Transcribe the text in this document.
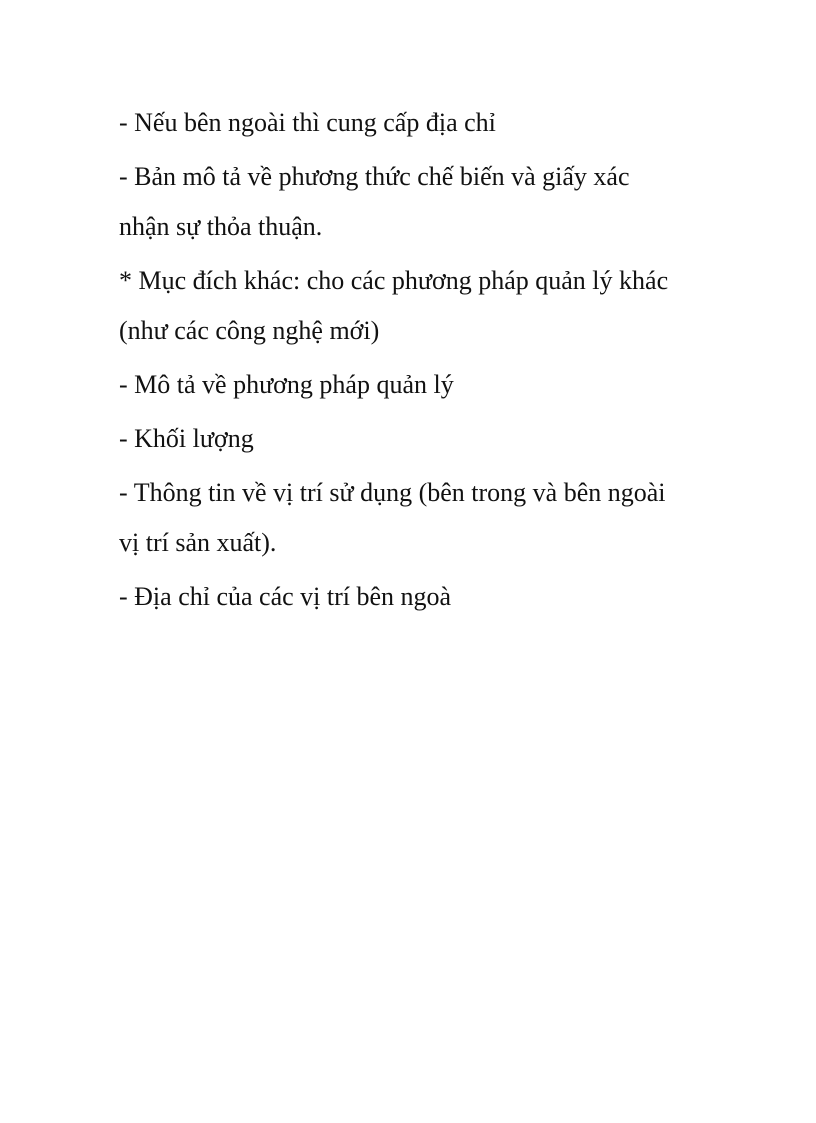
- Nếu bên ngoài thì cung cấp địa chỉ

- Bản mô tả về phương thức chế biến và giấy xác
nhận sự thỏa thuận.

* Mục đích khác: cho các phương pháp quản lý khác
(như các công nghệ mới)

- Mô tả về phương pháp quản lý

- Khối lượng

- Thông tin về vị trí sử dụng (bên trong và bên ngoài
vị trí sản xuất).

- Địa chỉ của các vị trí bên ngoà
